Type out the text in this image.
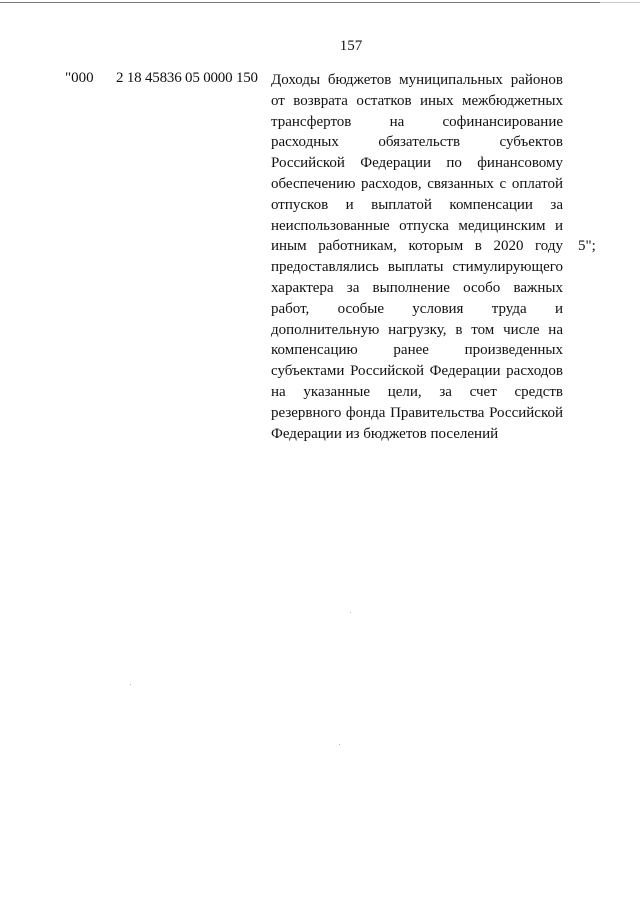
157
"000 2 18 45836 05 0000 150 Доходы бюджетов муниципальных районов от возврата остатков иных межбюджетных трансфертов на софинансирование расходных обязательств субъектов Российской Федерации по финансовому обеспечению расходов, связанных с оплатой отпусков и выплатой компенсации за неиспользованные отпуска медицинским и иным работникам, которым в 2020 году предоставлялись выплаты стимулирующего характера за выполнение особо важных работ, особые условия труда и дополнительную нагрузку, в том числе на компенсацию ранее произведенных субъектами Российской Федерации расходов на указанные цели, за счет средств резервного фонда Правительства Российской Федерации из бюджетов поселений

5";
